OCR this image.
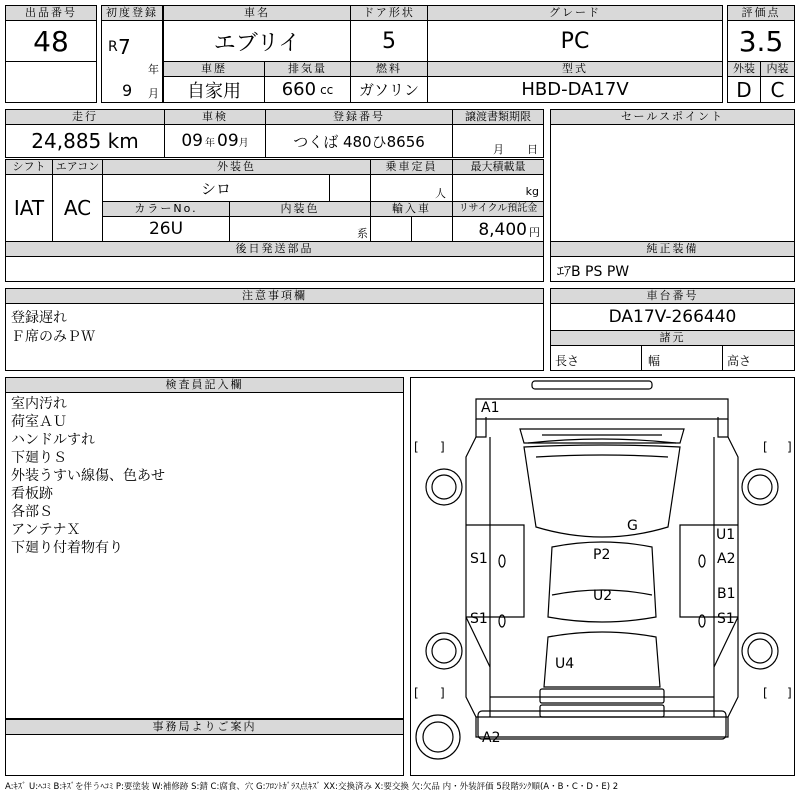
出品番号
48
初度登録
R 7
年
9 月
車名
エブリイ
ドア形状
5
グレード
PC
評価点
3.5
車歴
自家用
排気量
660 cc
燃料
ガソリン
型式
HBD-DA17V
外装	内装
D C
走行
24,885 km
車検
09 年 09 月
登録番号
つくば 480ひ8656
譲渡書類期限
月 日
セールスポイント
シフト
IAT
エアコン
AC
外装色
シロ
乗車定員
人
最大積載量
kg
カラーNo.
26U
内装色
系
輸入車	リサイクル預託金
8,400 円
後日発送部品	純正装備
ｴｱB PS PW
注意事項欄
登録遅れ
Ｆ席のみＰＷ
車台番号
DA17V-266440
諸元
長さ	幅	高さ
検査員記入欄
室内汚れ
荷室ＡＵ
ハンドルすれ
下廻りＳ
外装うすい線傷、色あせ
看板跡
各部Ｓ
アンテナＸ
下廻り付着物有り
事務局よりご案内
[ ]	[ ]
[ ]	[ ]
A1
G
U1
S1	P2	A2
U2	B1
S1	S1
U4
A2
A:ｷｽﾞ U:ﾍｺﾐ B:ｷｽﾞを伴うﾍｺﾐ P:要塗装 W:補修跡 S:錆 C:腐食、穴 G:ﾌﾛﾝﾄｶﾞﾗｽ点ｷｽﾞ XX:交換済み X:要交換 欠:欠品 内・外装評価 5段階ﾗﾝｸ順(A・B・C・D・E) 2
